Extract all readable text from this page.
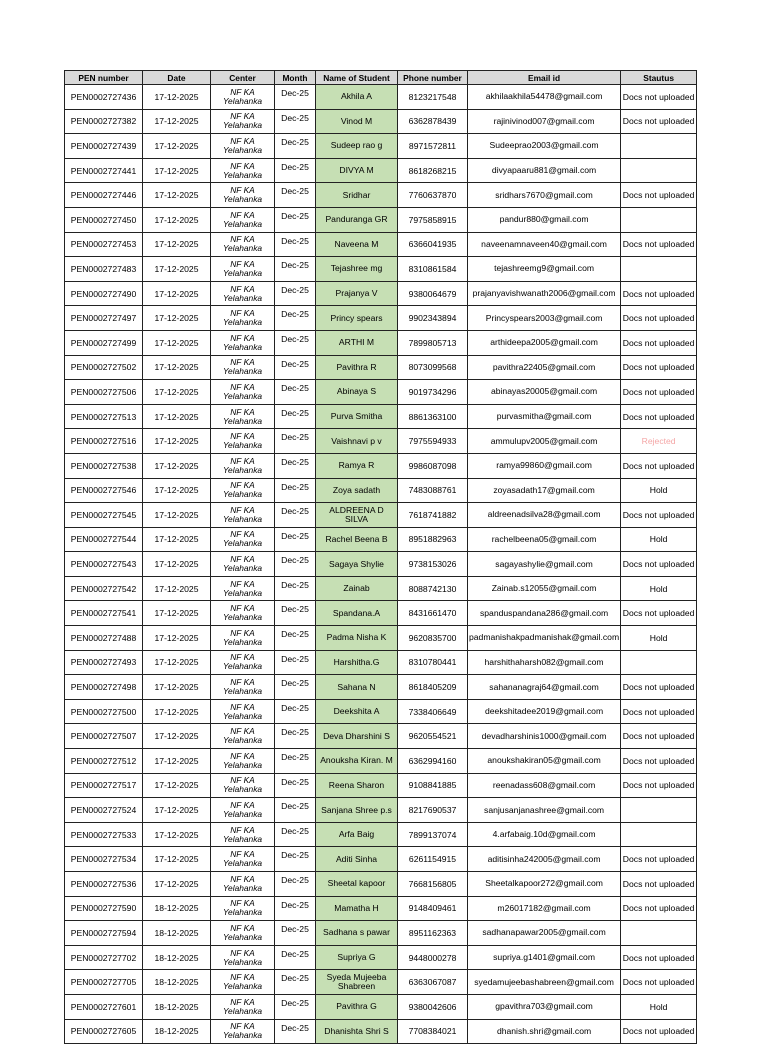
PEN number	Date	Center	Month	Name of Student	Phone number	Email id	Stautus
PEN0002727436	17-12-2025	NF KA Yelahanka	Dec-25	Akhila A	8123217548	akhilaakhila54478@gmail.com	Docs not uploaded
PEN0002727382	17-12-2025	NF KA Yelahanka	Dec-25	Vinod M	6362878439	rajinivinod007@gmail.com	Docs not uploaded
PEN0002727439	17-12-2025	NF KA Yelahanka	Dec-25	Sudeep rao g	8971572811	Sudeeprao2003@gmail.com	
PEN0002727441	17-12-2025	NF KA Yelahanka	Dec-25	DIVYA M	8618268215	divyapaaru881@gmail.com	
PEN0002727446	17-12-2025	NF KA Yelahanka	Dec-25	Sridhar	7760637870	sridhars7670@gmail.com	Docs not uploaded
PEN0002727450	17-12-2025	NF KA Yelahanka	Dec-25	Panduranga GR	7975858915	pandur880@gmail.com	
PEN0002727453	17-12-2025	NF KA Yelahanka	Dec-25	Naveena M	6366041935	naveenamnaveen40@gmail.com	Docs not uploaded
PEN0002727483	17-12-2025	NF KA Yelahanka	Dec-25	Tejashree mg	8310861584	tejashreemg9@gmail.com	
PEN0002727490	17-12-2025	NF KA Yelahanka	Dec-25	Prajanya V	9380064679	prajanyavishwanath2006@gmail.com	Docs not uploaded
PEN0002727497	17-12-2025	NF KA Yelahanka	Dec-25	Princy spears	9902343894	Princyspears2003@gmail.com	Docs not uploaded
PEN0002727499	17-12-2025	NF KA Yelahanka	Dec-25	ARTHI M	7899805713	arthideepa2005@gmail.com	Docs not uploaded
PEN0002727502	17-12-2025	NF KA Yelahanka	Dec-25	Pavithra R	8073099568	pavithra22405@gmail.com	Docs not uploaded
PEN0002727506	17-12-2025	NF KA Yelahanka	Dec-25	Abinaya S	9019734296	abinayas20005@gmail.com	Docs not uploaded
PEN0002727513	17-12-2025	NF KA Yelahanka	Dec-25	Purva Smitha	8861363100	purvasmitha@gmail.com	Docs not uploaded
PEN0002727516	17-12-2025	NF KA Yelahanka	Dec-25	Vaishnavi p v	7975594933	ammulupv2005@gmail.com	Rejected
PEN0002727538	17-12-2025	NF KA Yelahanka	Dec-25	Ramya R	9986087098	ramya99860@gmail.com	Docs not uploaded
PEN0002727546	17-12-2025	NF KA Yelahanka	Dec-25	Zoya sadath	7483088761	zoyasadath17@gmail.com	Hold
PEN0002727545	17-12-2025	NF KA Yelahanka	Dec-25	ALDREENA D SILVA	7618741882	aldreenadsilva28@gmail.com	Docs not uploaded
PEN0002727544	17-12-2025	NF KA Yelahanka	Dec-25	Rachel Beena B	8951882963	rachelbeena05@gmail.com	Hold
PEN0002727543	17-12-2025	NF KA Yelahanka	Dec-25	Sagaya Shylie	9738153026	sagayashylie@gmail.com	Docs not uploaded
PEN0002727542	17-12-2025	NF KA Yelahanka	Dec-25	Zainab	8088742130	Zainab.s12055@gmail.com	Hold
PEN0002727541	17-12-2025	NF KA Yelahanka	Dec-25	Spandana.A	8431661470	spanduspandana286@gmail.com	Docs not uploaded
PEN0002727488	17-12-2025	NF KA Yelahanka	Dec-25	Padma Nisha K	9620835700	padmanishakpadmanishak@gmail.com	Hold
PEN0002727493	17-12-2025	NF KA Yelahanka	Dec-25	Harshitha.G	8310780441	harshithaharsh082@gmail.com	
PEN0002727498	17-12-2025	NF KA Yelahanka	Dec-25	Sahana N	8618405209	sahananagraj64@gmail.com	Docs not uploaded
PEN0002727500	17-12-2025	NF KA Yelahanka	Dec-25	Deekshita A	7338406649	deekshitadee2019@gmail.com	Docs not uploaded
PEN0002727507	17-12-2025	NF KA Yelahanka	Dec-25	Deva Dharshini S	9620554521	devadharshinis1000@gmail.com	Docs not uploaded
PEN0002727512	17-12-2025	NF KA Yelahanka	Dec-25	Anouksha Kiran. M	6362994160	anoukshakiran05@gmail.com	Docs not uploaded
PEN0002727517	17-12-2025	NF KA Yelahanka	Dec-25	Reena Sharon	9108841885	reenadass608@gmail.com	Docs not uploaded
PEN0002727524	17-12-2025	NF KA Yelahanka	Dec-25	Sanjana Shree p.s	8217690537	sanjusanjanashree@gmail.com	
PEN0002727533	17-12-2025	NF KA Yelahanka	Dec-25	Arfa Baig	7899137074	4.arfabaig.10d@gmail.com	
PEN0002727534	17-12-2025	NF KA Yelahanka	Dec-25	Aditi Sinha	6261154915	aditisinha242005@gmail.com	Docs not uploaded
PEN0002727536	17-12-2025	NF KA Yelahanka	Dec-25	Sheetal kapoor	7668156805	Sheetalkapoor272@gmail.com	Docs not uploaded
PEN0002727590	18-12-2025	NF KA Yelahanka	Dec-25	Mamatha H	9148409461	m26017182@gmail.com	Docs not uploaded
PEN0002727594	18-12-2025	NF KA Yelahanka	Dec-25	Sadhana s pawar	8951162363	sadhanapawar2005@gmail.com	
PEN0002727702	18-12-2025	NF KA Yelahanka	Dec-25	Supriya G	9448000278	supriya.g1401@gmail.com	Docs not uploaded
PEN0002727705	18-12-2025	NF KA Yelahanka	Dec-25	Syeda Mujeeba Shabreen	6363067087	syedamujeebashabreen@gmail.com	Docs not uploaded
PEN0002727601	18-12-2025	NF KA Yelahanka	Dec-25	Pavithra G	9380042606	gpavithra703@gmail.com	Hold
PEN0002727605	18-12-2025	NF KA Yelahanka	Dec-25	Dhanishta Shri S	7708384021	dhanish.shri@gmail.com	Docs not uploaded
